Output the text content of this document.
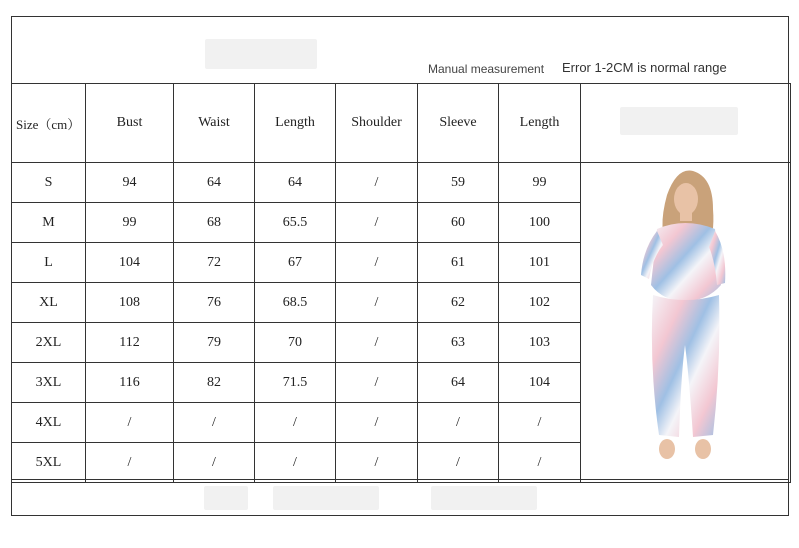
Manual measurement Error 1-2CM is normal range
Size（cm）	Bust	Waist	Length	Shoulder	Sleeve	Length	

S	94	64	64	/	59	99	

M	99	68	65.5	/	60	100	
L	104	72	67	/	61	101	
XL	108	76	68.5	/	62	102	
2XL	112	79	70	/	63	103	
3XL	116	82	71.5	/	64	104	
4XL	/	/	/	/	/	/	
5XL	/	/	/	/	/	/	
